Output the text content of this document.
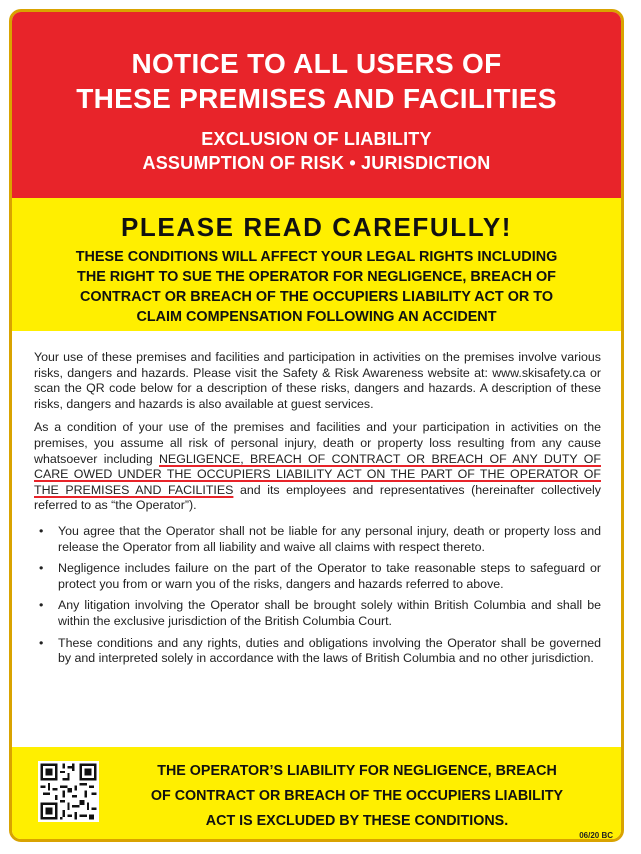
NOTICE TO ALL USERS OF
THESE PREMISES AND FACILITIES
EXCLUSION OF LIABILITY
ASSUMPTION OF RISK • JURISDICTION
PLEASE READ CAREFULLY!
THESE CONDITIONS WILL AFFECT YOUR LEGAL RIGHTS INCLUDING
THE RIGHT TO SUE THE OPERATOR FOR NEGLIGENCE, BREACH OF
CONTRACT OR BREACH OF THE OCCUPIERS LIABILITY ACT OR TO
CLAIM COMPENSATION FOLLOWING AN ACCIDENT

Your use of these premises and facilities and participation in activities on the premises involve various risks, dangers and hazards. Please visit the Safety & Risk Awareness website at: www.skisafety.ca or scan the QR code below for a description of these risks, dangers and hazards. A description of these risks, dangers and hazards is also available at guest services.

As a condition of your use of the premises and facilities and your participation in activities on the premises, you assume all risk of personal injury, death or property loss resulting from any cause whatsoever including NEGLIGENCE, BREACH OF CONTRACT OR BREACH OF ANY DUTY OF CARE OWED UNDER THE OCCUPIERS LIABILITY ACT ON THE PART OF THE OPERATOR OF THE PREMISES AND FACILITIES and its employees and representatives (hereinafter collectively referred to as “the Operator”).

• You agree that the Operator shall not be liable for any personal injury, death or property loss and release the Operator from all liability and waive all claims with respect thereto.
• Negligence includes failure on the part of the Operator to take reasonable steps to safeguard or protect you from or warn you of the risks, dangers and hazards referred to above.
• Any litigation involving the Operator shall be brought solely within British Columbia and shall be within the exclusive jurisdiction of the British Columbia Court.
• These conditions and any rights, duties and obligations involving the Operator shall be governed by and interpreted solely in accordance with the laws of British Columbia and no other jurisdiction.
THE OPERATOR’S LIABILITY FOR NEGLIGENCE, BREACH
OF CONTRACT OR BREACH OF THE OCCUPIERS LIABILITY
ACT IS EXCLUDED BY THESE CONDITIONS.
06/20 BC
